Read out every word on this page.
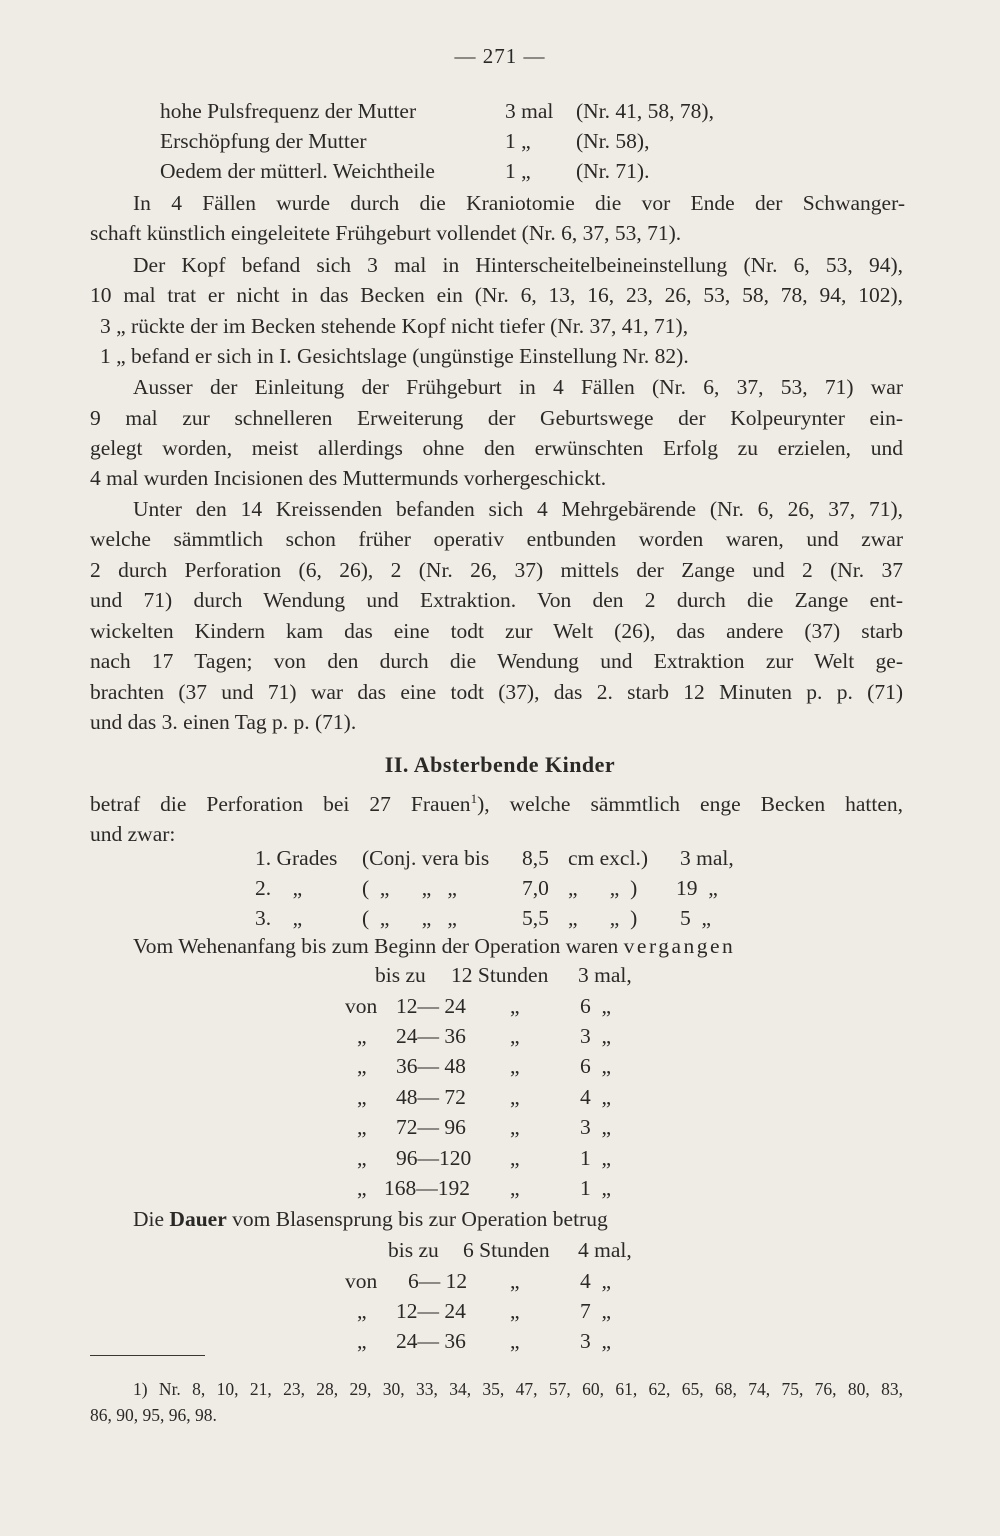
— 271 —
hohe Pulsfrequenz der Mutter	3 mal (Nr. 41, 58, 78),
Erschöpfung der Mutter	1 „ (Nr. 58),
Oedem der mütterl. Weichtheile	1 „ (Nr. 71).
In 4 Fällen wurde durch die Kraniotomie die vor Ende der Schwanger-
schaft künstlich eingeleitete Frühgeburt vollendet (Nr. 6, 37, 53, 71).
Der Kopf befand sich 3 mal in Hinterscheitelbeineinstellung (Nr. 6, 53, 94),
10 mal trat er nicht in das Becken ein (Nr. 6, 13, 16, 23, 26, 53, 58, 78, 94, 102),
3 „ rückte der im Becken stehende Kopf nicht tiefer (Nr. 37, 41, 71),
1 „ befand er sich in I. Gesichtslage (ungünstige Einstellung Nr. 82).
Ausser der Einleitung der Frühgeburt in 4 Fällen (Nr. 6, 37, 53, 71) war
9 mal zur schnelleren Erweiterung der Geburtswege der Kolpeurynter ein-
gelegt worden, meist allerdings ohne den erwünschten Erfolg zu erzielen, und
4 mal wurden Incisionen des Muttermunds vorhergeschickt.
Unter den 14 Kreissenden befanden sich 4 Mehrgebärende (Nr. 6, 26, 37, 71),
welche sämmtlich schon früher operativ entbunden worden waren, und zwar
2 durch Perforation (6, 26), 2 (Nr. 26, 37) mittels der Zange und 2 (Nr. 37
und 71) durch Wendung und Extraktion. Von den 2 durch die Zange ent-
wickelten Kindern kam das eine todt zur Welt (26), das andere (37) starb
nach 17 Tagen; von den durch die Wendung und Extraktion zur Welt ge-
brachten (37 und 71) war das eine todt (37), das 2. starb 12 Minuten p. p. (71)
und das 3. einen Tag p. p. (71).
II. Absterbende Kinder
betraf die Perforation bei 27 Frauen$^1$), welche sämmtlich enge Becken hatten,
und zwar:
1. Grades (Conj. vera bis 8,5 cm excl.) 3 mal,
2.    „	(  „      „   „	7,0 „      „  ) 19  „
3.    „	(  „      „   „	5,5 „      „  ) 5  „
Vom Wehenanfang bis zum Beginn der Operation waren vergangen
bis zu 12 Stunden 3 mal,
von 12— 24 „	6  „
„ 24— 36 „	3  „
„ 36— 48 „	6  „
„ 48— 72 „	4  „
„ 72— 96 „	3  „
„ 96—120 „	1  „
„ 168—192 „	1  „
Die Dauer vom Blasensprung bis zur Operation betrug
bis zu 6 Stunden 4 mal,
von 6— 12 „	4  „
„ 12— 24 „	7  „
„ 24— 36 „	3  „
1) Nr. 8, 10, 21, 23, 28, 29, 30, 33, 34, 35, 47, 57, 60, 61, 62, 65, 68, 74, 75, 76, 80, 83,
86, 90, 95, 96, 98.
